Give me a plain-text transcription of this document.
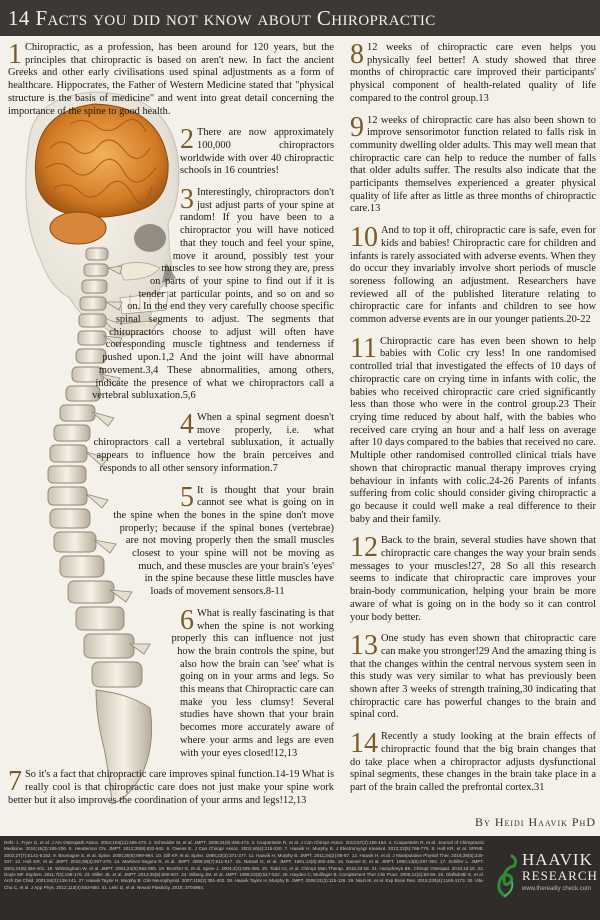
14 Facts you did not know about Chiropractic
1 Chiropractic, as a profession, has been around for 120 years, but the principles that chiropractic is based on aren't new. In fact the ancient Greeks and other early civilisations used spinal adjustments as a form of healthcare. Hippocrates, the Father of Western Medicine stated that "physical structure is the basis of medicine" and went into great detail concerning the importance of the spine to good health.
2 There are now approximately 100,000 chiropractors worldwide with over 40 chiropractic schools in 16 countries!
3 Interestingly, chiropractors don't just adjust parts of your spine at random! If you have been to a chiropractor you will have noticed that they touch and feel your spine, move it around, possibly test your muscles to see how strong they are, press on parts of your spine to find out if it is tender at particular points, and so on and so on. In the end they very carefully choose specific spinal segments to adjust. The segments that chiropractors choose to adjust will often have corresponding muscle tightness and tenderness if pushed upon.1,2 And the joint will have abnormal movement.3,4 These abnormalities, among others, indicate the presence of what we chiropractors call a vertebral subluxation.5,6
4 When a spinal segment doesn't move properly, i.e. what chiropractors call a vertebral subluxation, it actually appears to influence how the brain perceives and responds to all other sensory information.7
5 It is thought that your brain cannot see what is going on in the spine when the bones in the spine don't move properly; because if the spinal bones (vertebrae) are not moving properly then the small muscles closest to your spine will not be moving as much, and these muscles are your brain's 'eyes' in the spine because these little muscles have loads of movement sensors.8-11
6 What is really fascinating is that when the spine is not working properly this can influence not just how the brain controls the spine, but also how the brain can 'see' what is going on in your arms and legs. So this means that Chiropractic care can make you less clumsy! Several studies have shown that your brain becomes more accurately aware of where your arms and legs are even with your eyes closed!12,13
7 So it's a fact that chiropractic care improves spinal function.14-19 What is really cool is that chiropractic care does not just make your spine work better but it also improves the coordination of your arms and legs!12,13
8 12 weeks of chiropractic care even helps you physically feel better! A study showed that three months of chiropractic care improved their participants' physical component of health-related quality of life compared to the control group.13
9 12 weeks of chiropractic care has also been shown to improve sensorimotor function related to falls risk in community dwelling older adults. This may well mean that chiropractic care can help to reduce the number of falls that older adults suffer. The results also indicate that the participants themselves experienced a greater physical quality of life after as little as three months of chiropractic care.13
10 And to top it off, chiropractic care is safe, even for kids and babies! Chiropractic care for children and infants is rarely associated with adverse events. When they do occur they invariably involve short periods of muscle soreness following an adjustment. Researchers have reviewed all of the published literature relating to chiropractic care for infants and children to see how common adverse events are in our younger patients.20-22
11 Chiropractic care has even been shown to help babies with Colic cry less! In one randomised controlled trial that investigated the effects of 10 days of chiropractic care on crying time in infants with colic, the babies who received chiropractic care cried significantly less than those who were in the control group.23 Their crying time reduced by about half, with the babies who received care crying an hour and a half less on average after 10 days compared to the babies that received no care. Multiple other randomised controlled clinical trials have shown that chiropractic manual therapy improves crying behaviour in infants with colic.24-26 Parents of infants suffering from colic should consider giving chiropractic a go because it could well make a real difference to their baby and their family.
12 Back to the brain, several studies have shown that chiropractic care changes the way your brain sends messages to your muscles!27, 28 So all this research seems to indicate that chiropractic care improves your brain-body communication, helping your brain be more aware of what is going on in the body so it can control your body better.
13 One study has even shown that chiropractic care can make you stronger!29 And the amazing thing is that the changes within the central nervous system seen in this study was very similar to what has previously been shown after 3 weeks of strength training,30 indicating that chiropractic care has powerful changes to the brain and spinal cord.
14 Recently a study looking at the brain effects of chiropractic found that the big brain changes that do take place when a chiropractor adjusts dysfunctional spinal segments, these changes in the brain take place in a part of the brain called the prefrontal cortex.31
By Heidi Haavik PhD
Refs: 1. Fryer G, et al. J Am Osteopath Assoc. 2004;104(11):465-473. 2. Schneider M, et al. JMPT. 2008;31(6):465-473. 3. Cooperstein R, et al. J Can Chiropr Assoc. 2013;57(2):156-164. 4. Cooperstein R, et al. Journal of Chiropractic Medicine. 2016;15(3):195-206. 5. Henderson CN. JMPT. 2012;35(8):632-642. 6. Owens E. J Can Chiropr Assoc. 2002;46(4):215-220. 7. Haavik H, Murphy B. J Electromyogr Kinesiol. 2012;22(5):768-776. 8. Holt KR, et al. SPINE. 2002;27(7):E141-E152. 9. Brumagne S, et al. Spine. 2000;25(8):989-994. 10. Gill KP, et al. Spine. 1998;23(3):371-377. 11. Haavik H, Murphy B. JMPT. 2011;34(2):88-97. 12. Haavik H, et al. J Manipulative Physiol Ther. 2016;39(5):330-337. 13. Holt KR, et al. JMPT. 2016;39(4):267-278. 14. Martinez-Segura R, et al. JMPT. 2006;29(7):511-517. 15. Nansel D, et al. JMPT. 1991;14(8):450-456. 16. Nansel D, et al. JMPT. 1990;13(6):297-304. 17. Schiller L. JMPT. 2001;24(6):394-401. 18. Whittingham W, et al. JMPT. 2001;24(9):552-555. 19. Bronfort G, et al. Spine J. 2004;4(3):335-356. 20. Todd AJ, et al. Chiropr Man Therap. 2015;23:18. 21. Humphreys BK. Chiropr Osteopat. 2010;18:16. 22. Doyle MF. Explore. 2011;7(3):168-176. 23. Miller JE, et al. JMPT. 2012;35(8):600-607. 24. Wiberg JM, et al. JMPT. 1999;22(8):517-522. 25. Hayden C, Mullinger B. Complement Ther Clin Pract. 2006;12(2):83-90. 26. Olafsdottir E, et al. Arch Dis Child. 2001;84(2):138-141. 27. Haavik Taylor H, Murphy B. Clin Neurophysiol. 2007;118(2):391-402. 28. Haavik Taylor H, Murphy B. JMPT. 2008;31(2):115-126. 29. Niazi IK, et al. Exp Brain Res. 2015;233(4):1165-1173. 30. Vila-Cha C, et al. J App Phys. 2012;113(4):653-660. 31. Lelic D, et al. Neural Plasticity. 2016; 3704964.
HAAVIK
RESEARCH
www.thereality check.com
